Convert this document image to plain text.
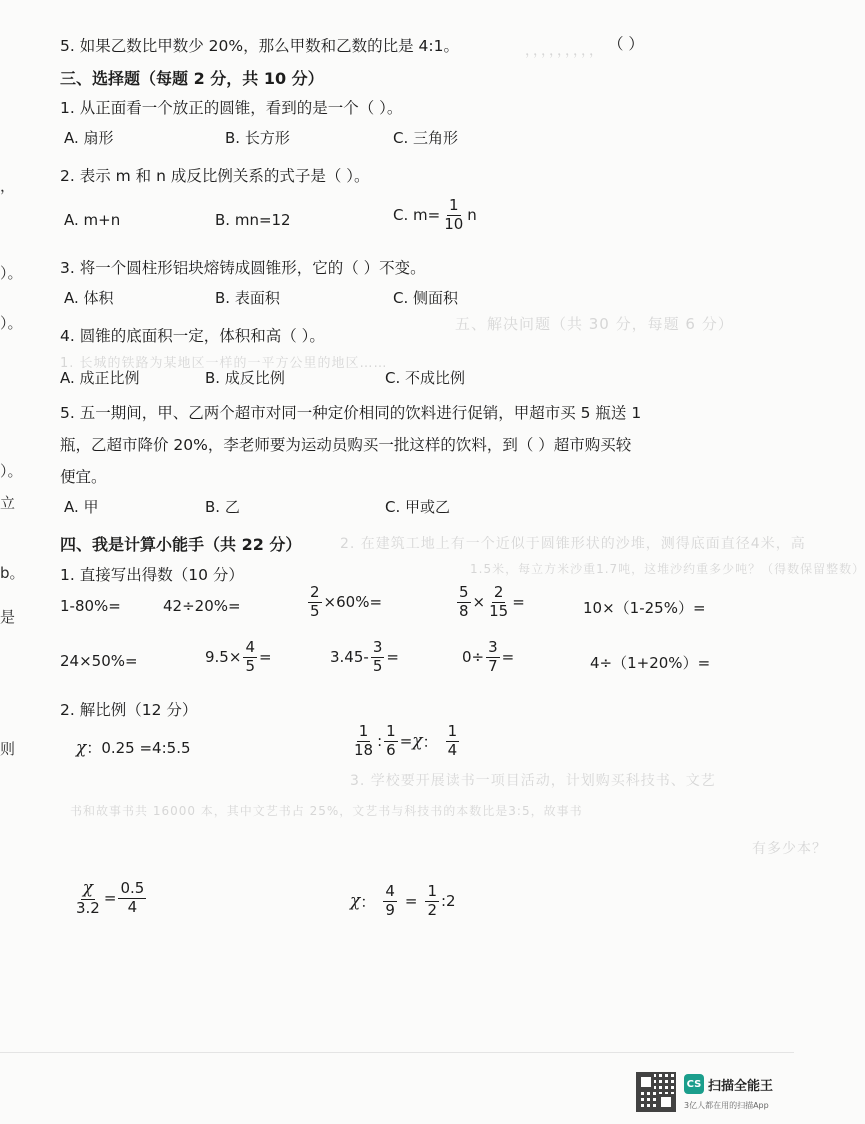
，，，，，，，，，
五、解决问题（共 30 分，每题 6 分）
1. 长城的铁路为某地区一样的一平方公里的地区……
2. 在建筑工地上有一个近似于圆锥形状的沙堆，测得底面直径4米，高
1.5米，每立方米沙重1.7吨，这堆沙约重多少吨？（得数保留整数）
3. 学校要开展读书一项目活动，计划购买科技书、文艺
书和故事书共 16000 本，其中文艺书占 25%，文艺书与科技书的本数比是3:5，故事书
有多少本？
，
）。
）。
）。
立
b。
是
则
5. 如果乙数比甲数少 20%，那么甲数和乙数的比是 4:1。	（ ）
三、选择题（每题 2 分，共 10 分）
1. 从正面看一个放正的圆锥，看到的是一个（ ）。
A. 扇形	B. 长方形	C. 三角形
2. 表示 m 和 n 成反比例关系的式子是（ ）。
A. m+n	B. mn=12	C. $m= \frac{1}{10}$ n
3. 将一个圆柱形铝块熔铸成圆锥形，它的（ ）不变。
A. 体积	B. 表面积	C. 侧面积
4. 圆锥的底面积一定，体积和高（ ）。
A. 成正比例	B. 成反比例	C. 不成比例
5. 五一期间，甲、乙两个超市对同一种定价相同的饮料进行促销，甲超市买 5 瓶送 1
瓶，乙超市降价 20%，李老师要为运动员购买一批这样的饮料，到（ ）超市购买较
便宜。
A. 甲	B. 乙	C. 甲或乙
四、我是计算小能手（共 22 分）
1. 直接写出得数（10 分）
1-80%=	42÷20%=	$\frac{2}{5} \times 60\%=$	$\frac{5}{8} \times \frac{2}{15}$ =	10×（1-25%）=
24×50%=	$9.5\times \frac{4}{5}$ =	$3.45- \frac{3}{5}$ =	$0\div \frac{3}{7}$ =	4÷（1+20%）=
2. 解比例（12 分）
χ ：0.25 =4:5.5	$\frac{1}{18}$ : $\frac{1}{6} = \chi$ ： $\frac{1}{4}$
$\frac{\chi}{3.2} = \frac{0.5}{4}$	χ ： $\frac{4}{9} = \frac{1}{2}$ :2
CS 扫描全能王
3亿人都在用的扫描App
